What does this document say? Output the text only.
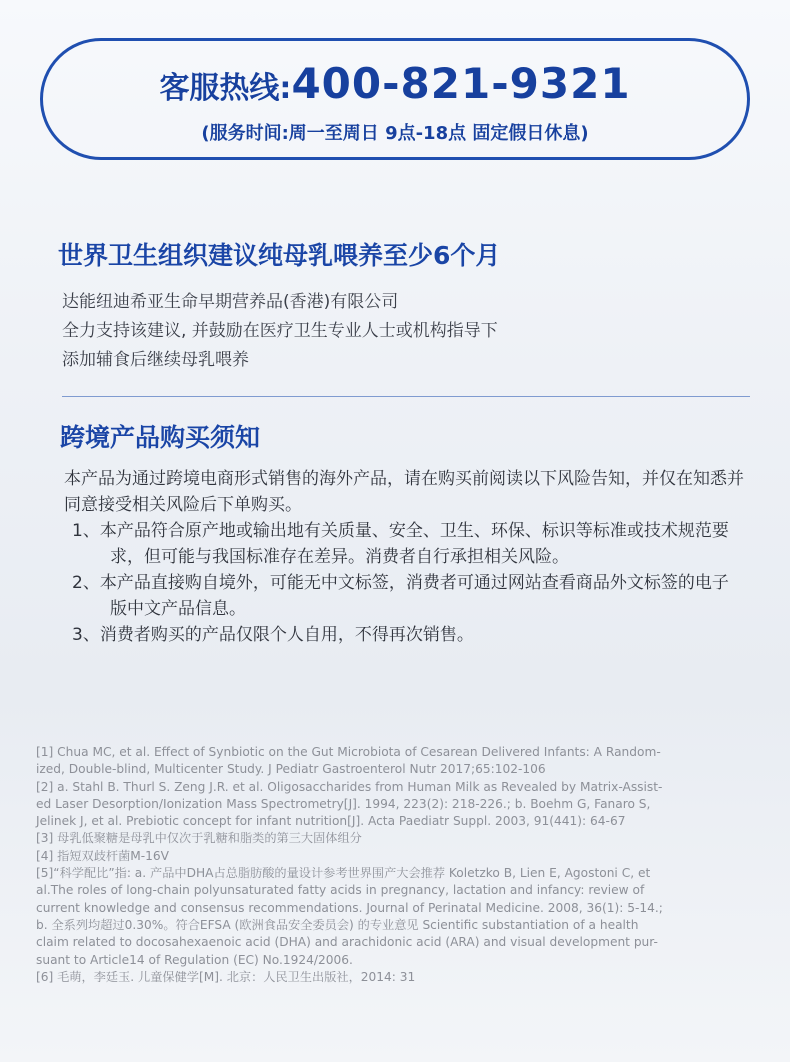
客服热线:400-821-9321
(服务时间:周一至周日 9点-18点 固定假日休息)
世界卫生组织建议纯母乳喂养至少6个月
达能纽迪希亚生命早期营养品(香港)有限公司
全力支持该建议, 并鼓励在医疗卫生专业人士或机构指导下
添加辅食后继续母乳喂养
跨境产品购买须知
本产品为通过跨境电商形式销售的海外产品，请在购买前阅读以下风险告知，并仅在知悉并同意接受相关风险后下单购买。
1、本产品符合原产地或输出地有关质量、安全、卫生、环保、标识等标准或技术规范要求，但可能与我国标准存在差异。消费者自行承担相关风险。
2、本产品直接购自境外，可能无中文标签，消费者可通过网站查看商品外文标签的电子版中文产品信息。
3、消费者购买的产品仅限个人自用，不得再次销售。

[1] Chua MC, et al. Effect of Synbiotic on the Gut Microbiota of Cesarean Delivered Infants: A Random-

ized, Double-blind, Multicenter Study. J Pediatr Gastroenterol Nutr 2017;65:102-106

[2] a. Stahl B. Thurl S. Zeng J.R. et al. Oligosaccharides from Human Milk as Revealed by Matrix-Assist-

ed Laser Desorption/Ionization Mass Spectrometry[J]. 1994, 223(2): 218-226.; b. Boehm G, Fanaro S,

Jelinek J, et al. Prebiotic concept for infant nutrition[J]. Acta Paediatr Suppl. 2003, 91(441): 64-67

[3] 母乳低聚糖是母乳中仅次于乳糖和脂类的第三大固体组分

[4] 指短双歧杆菌M-16V

[5]“科学配比”指: a. 产品中DHA占总脂肪酸的量设计参考世界围产大会推荐 Koletzko B, Lien E, Agostoni C, et

al.The roles of long-chain polyunsaturated fatty acids in pregnancy, lactation and infancy: review of

current knowledge and consensus recommendations. Journal of Perinatal Medicine. 2008, 36(1): 5-14.;

b. 全系列均超过0.30%。符合EFSA (欧洲食品安全委员会) 的专业意见 Scientific substantiation of a health

claim related to docosahexaenoic acid (DHA) and arachidonic acid (ARA) and visual development pur-

suant to Article14 of Regulation (EC) No.1924/2006.

[6] 毛萌，李廷玉. 儿童保健学[M]. 北京：人民卫生出版社，2014: 31
